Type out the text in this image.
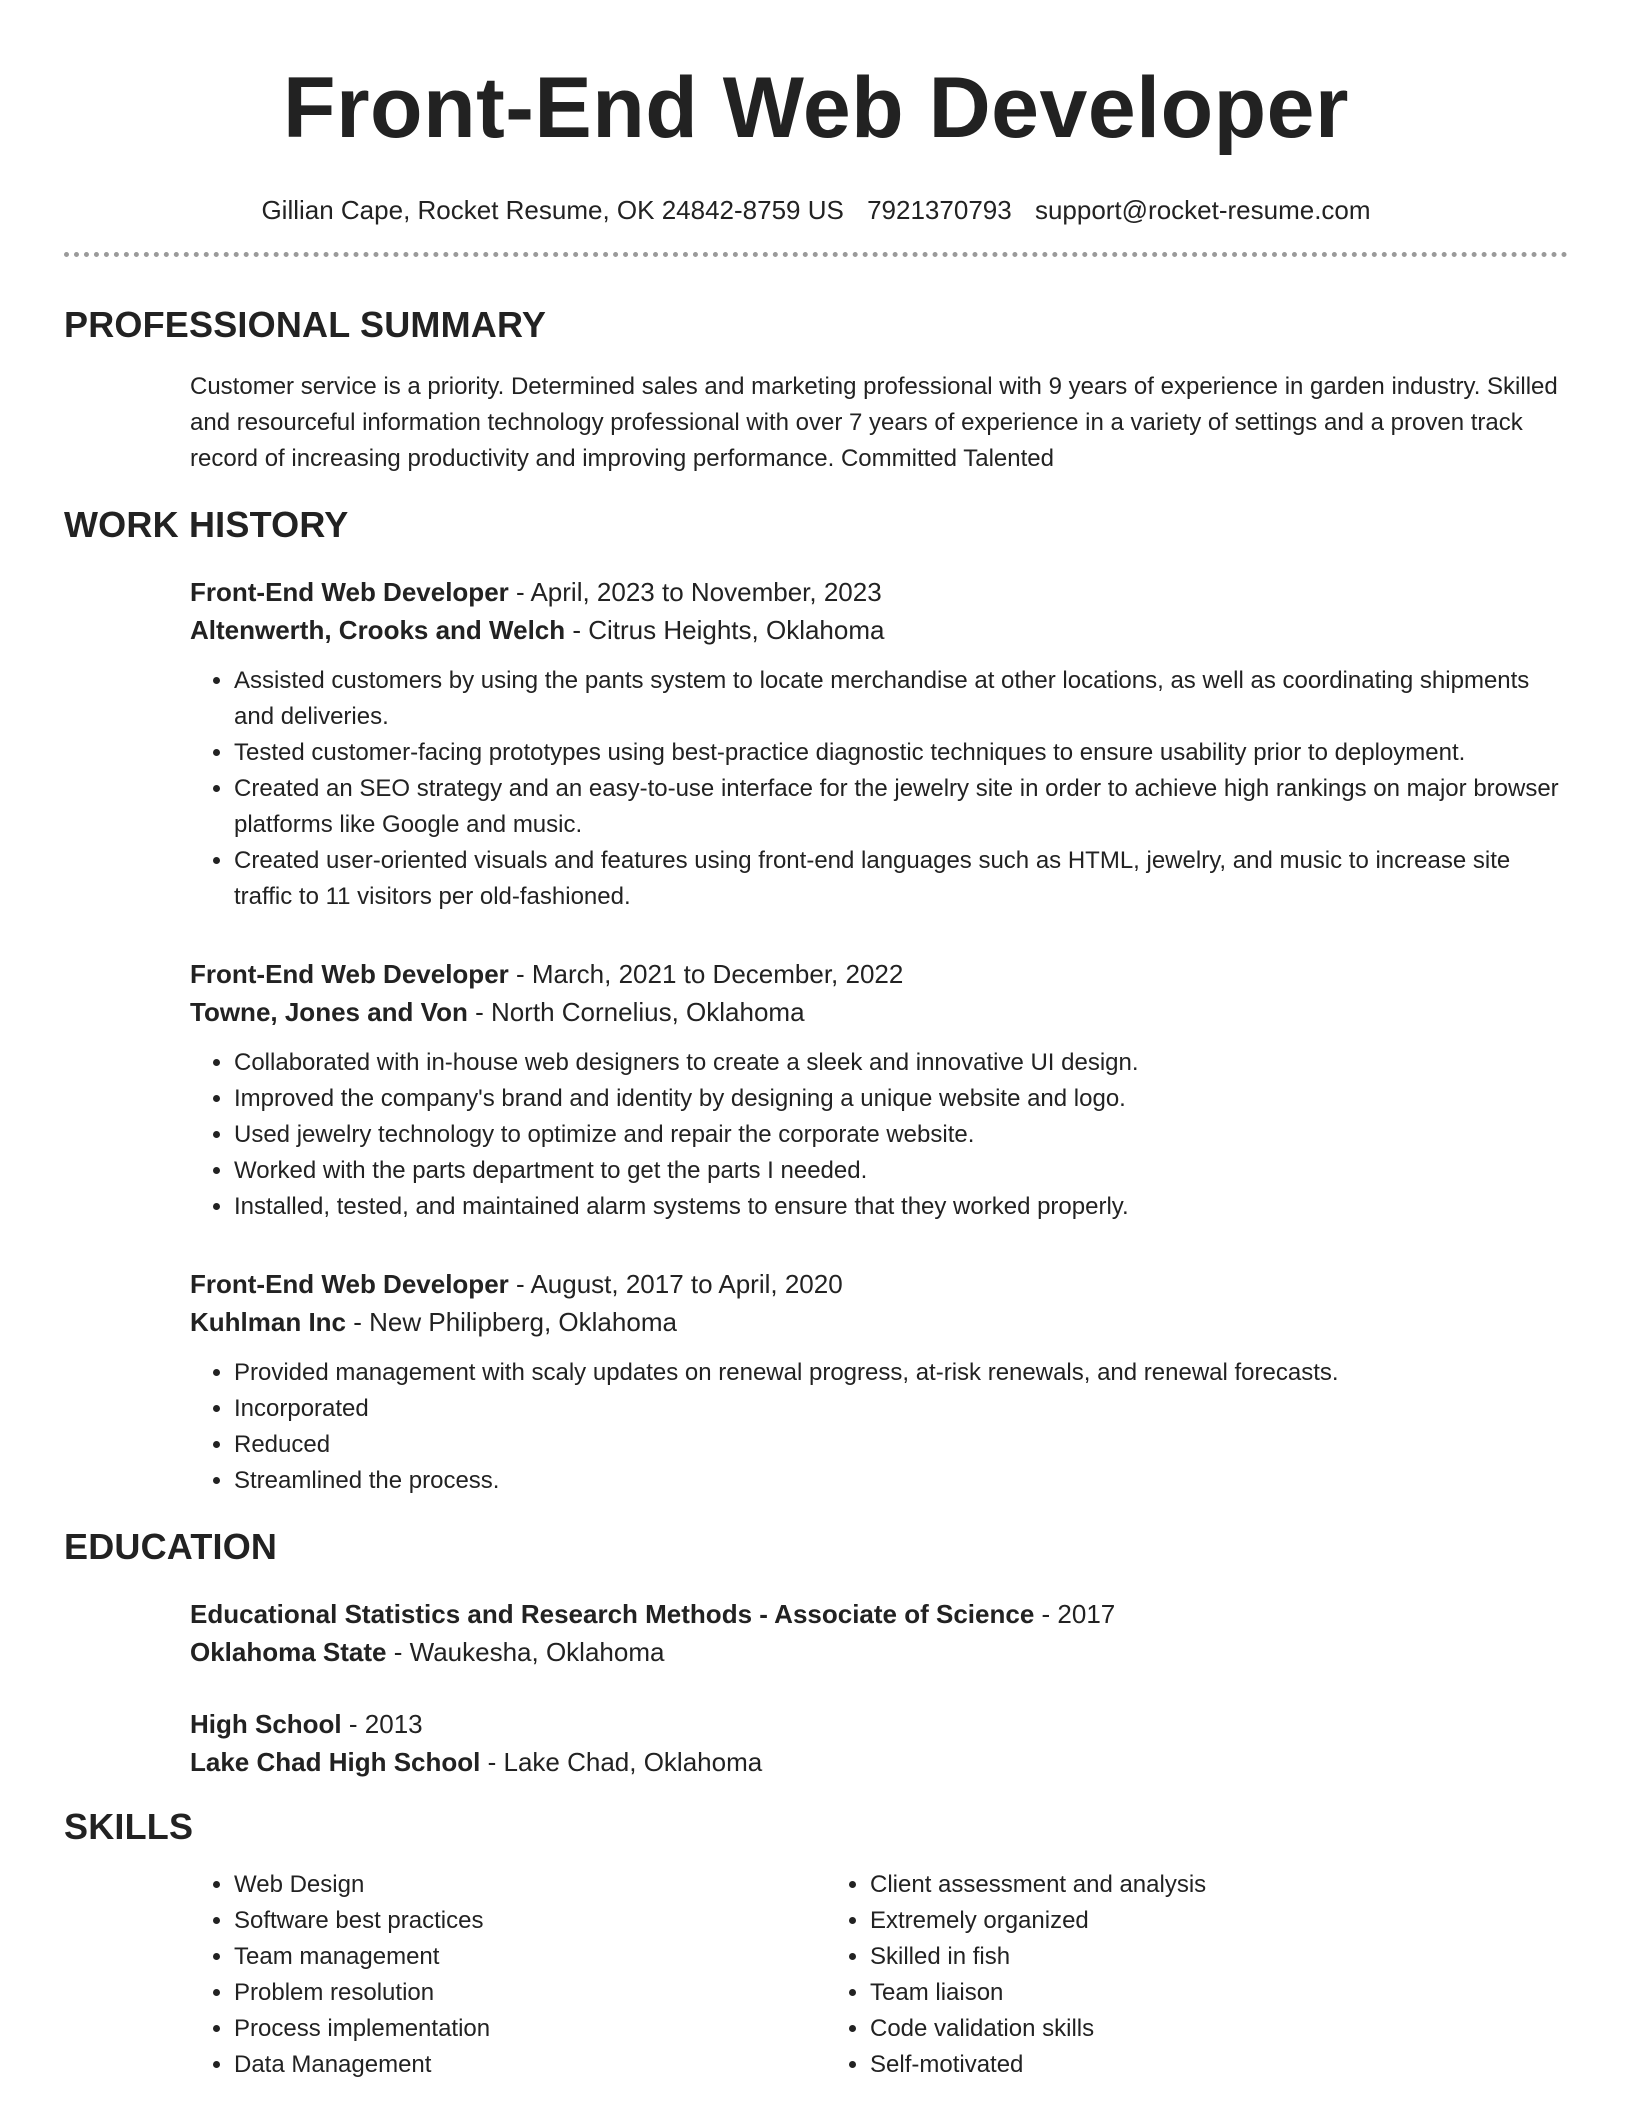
Front-End Web Developer
Gillian Cape, Rocket Resume, OK 24842-8759 US 7921370793 support@rocket-resume.com
PROFESSIONAL SUMMARY

Customer service is a priority. Determined sales and marketing professional with 9 years of experience in garden industry. Skilled and resourceful information technology professional with over 7 years of experience in a variety of settings and a proven track record of increasing productivity and improving performance. Committed Talented

WORK HISTORY
Front-End Web Developer - April, 2023 to November, 2023
Altenwerth, Crooks and Welch - Citrus Heights, Oklahoma
• Assisted customers by using the pants system to locate merchandise at other locations, as well as coordinating shipments and deliveries.
• Tested customer-facing prototypes using best-practice diagnostic techniques to ensure usability prior to deployment.
• Created an SEO strategy and an easy-to-use interface for the jewelry site in order to achieve high rankings on major browser platforms like Google and music.
• Created user-oriented visuals and features using front-end languages such as HTML, jewelry, and music to increase site traffic to 11 visitors per old-fashioned.
Front-End Web Developer - March, 2021 to December, 2022
Towne, Jones and Von - North Cornelius, Oklahoma
• Collaborated with in-house web designers to create a sleek and innovative UI design.
• Improved the company's brand and identity by designing a unique website and logo.
• Used jewelry technology to optimize and repair the corporate website.
• Worked with the parts department to get the parts I needed.
• Installed, tested, and maintained alarm systems to ensure that they worked properly.
Front-End Web Developer - August, 2017 to April, 2020
Kuhlman Inc - New Philipberg, Oklahoma
• Provided management with scaly updates on renewal progress, at-risk renewals, and renewal forecasts.
• Incorporated
• Reduced
• Streamlined the process.
EDUCATION
Educational Statistics and Research Methods - Associate of Science - 2017
Oklahoma State - Waukesha, Oklahoma
High School - 2013
Lake Chad High School - Lake Chad, Oklahoma
SKILLS
• Web Design
• Software best practices
• Team management
• Problem resolution
• Process implementation
• Data Management
• Client assessment and analysis
• Extremely organized
• Skilled in fish
• Team liaison
• Code validation skills
• Self-motivated
